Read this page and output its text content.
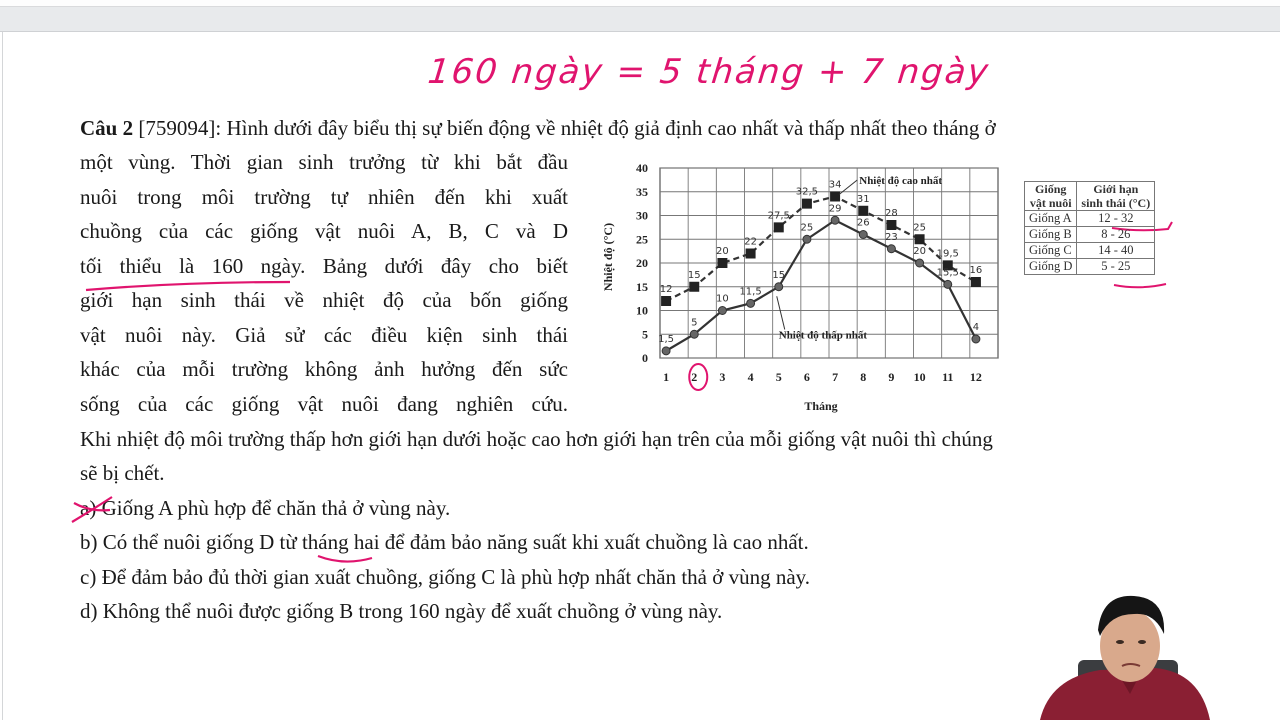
160 ngày = 5 tháng + 7 ngày
Câu 2 [759094]: Hình dưới đây biểu thị sự biến động về nhiệt độ giả định cao nhất và thấp nhất theo tháng ở
một vùng. Thời gian sinh trưởng từ khi bắt đầu
nuôi trong môi trường tự nhiên đến khi xuất
chuồng của các giống vật nuôi A, B, C và D
tối thiểu là 160 ngày. Bảng dưới đây cho biết
giới hạn sinh thái về nhiệt độ của bốn giống
vật nuôi này. Giả sử các điều kiện sinh thái
khác của mỗi trường không ảnh hưởng đến sức
sống của các giống vật nuôi đang nghiên cứu.
Khi nhiệt độ môi trường thấp hơn giới hạn dưới hoặc cao hơn giới hạn trên của mỗi giống vật nuôi thì chúng
sẽ bị chết.
a) Giống A phù hợp để chăn thả ở vùng này.
b) Có thể nuôi giống D từ tháng hai để đảm bảo năng suất khi xuất chuồng là cao nhất.
c) Để đảm bảo đủ thời gian xuất chuồng, giống C là phù hợp nhất chăn thả ở vùng này.
d) Không thể nuôi được giống B trong 160 ngày để xuất chuồng ở vùng này.
0
5
10
15
20
25
30
35
40
1 2 3 4 5 6 7 8 9 10 11 12
Tháng
Nhiệt độ (°C)	12
15
20
22
27,5
32,5
34
31
28
25
19,5
16
1,5
5
10
11,5
15
25
29
26
23
20
15,5
4
Nhiệt độ cao nhất
Nhiệt độ thấp nhất
Giống
vật nuôi	Giới hạn
sinh thái (°C)
Giống A	12 - 32
Giống B	8 - 26
Giống C	14 - 40
Giống D	5 - 25
